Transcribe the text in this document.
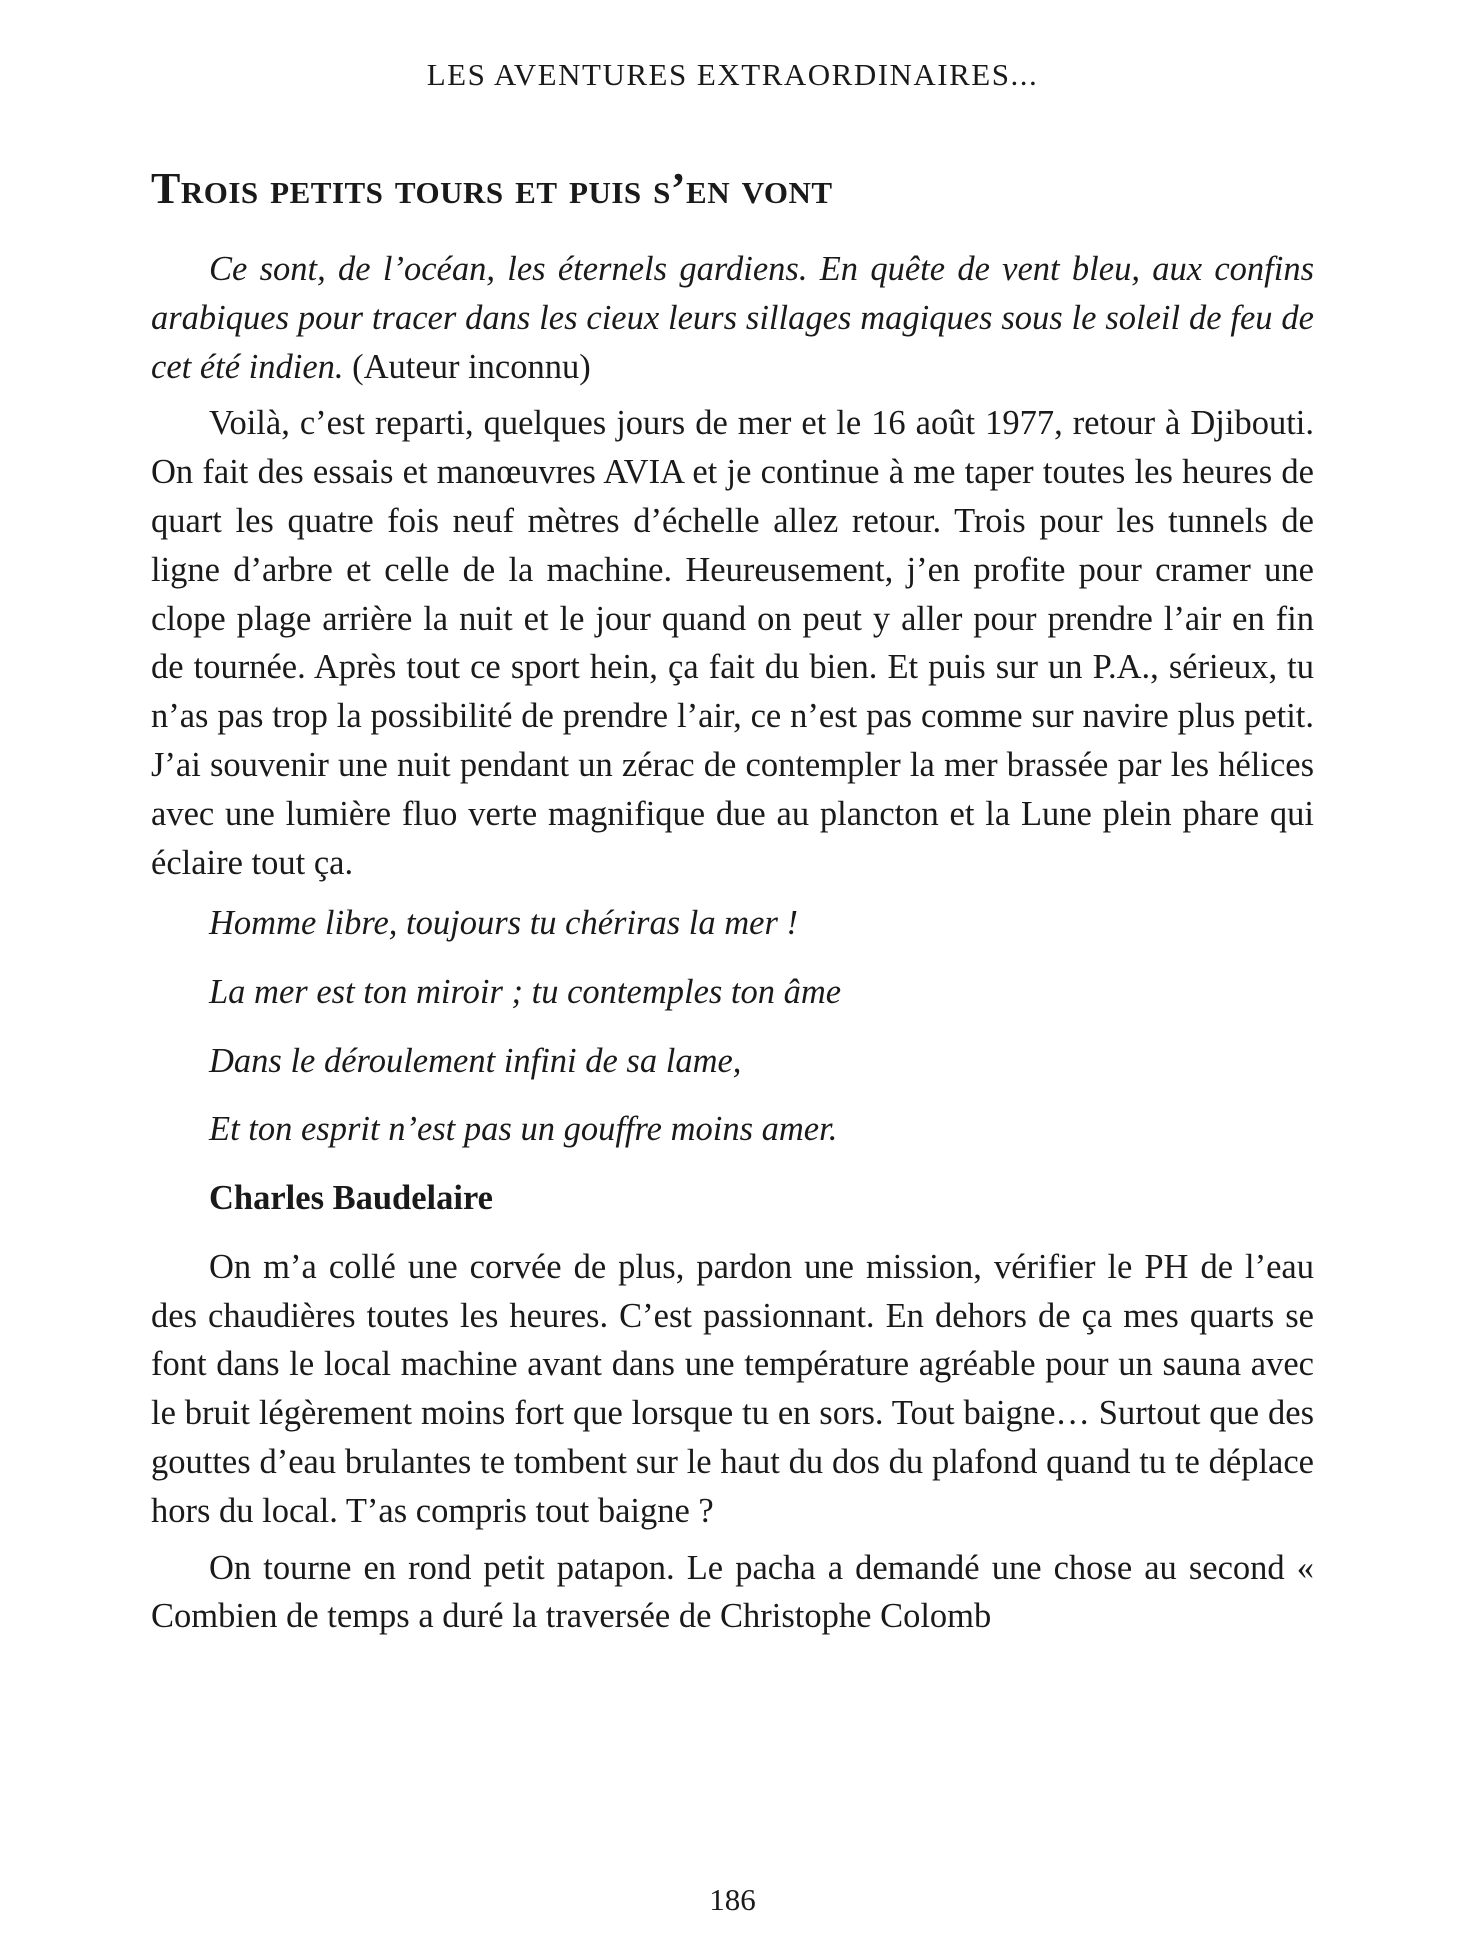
LES AVENTURES EXTRAORDINAIRES...
Trois petits tours et puis s’en vont

Ce sont, de l’océan, les éternels gardiens. En quête de vent bleu, aux confins arabiques pour tracer dans les cieux leurs sillages magiques sous le soleil de feu de cet été indien. (Auteur inconnu)

Voilà, c’est reparti, quelques jours de mer et le 16 août 1977, retour à Djibouti. On fait des essais et manœuvres AVIA et je continue à me taper toutes les heures de quart les quatre fois neuf mètres d’échelle allez retour. Trois pour les tunnels de ligne d’arbre et celle de la machine. Heureusement, j’en profite pour cramer une clope plage arrière la nuit et le jour quand on peut y aller pour prendre l’air en fin de tournée. Après tout ce sport hein, ça fait du bien. Et puis sur un P.A., sérieux, tu n’as pas trop la possibilité de prendre l’air, ce n’est pas comme sur navire plus petit. J’ai souvenir une nuit pendant un zérac de contempler la mer brassée par les hélices avec une lumière fluo verte magnifique due au plancton et la Lune plein phare qui éclaire tout ça.

Homme libre, toujours tu chériras la mer !
La mer est ton miroir ; tu contemples ton âme
Dans le déroulement infini de sa lame,
Et ton esprit n’est pas un gouffre moins amer.
Charles Baudelaire

On m’a collé une corvée de plus, pardon une mission, vérifier le PH de l’eau des chaudières toutes les heures. C’est passionnant. En dehors de ça mes quarts se font dans le local machine avant dans une température agréable pour un sauna avec le bruit légèrement moins fort que lorsque tu en sors. Tout baigne… Surtout que des gouttes d’eau brulantes te tombent sur le haut du dos du plafond quand tu te déplace hors du local. T’as compris tout baigne ?

On tourne en rond petit patapon. Le pacha a demandé une chose au second « Combien de temps a duré la traversée de Christophe Colomb

186
